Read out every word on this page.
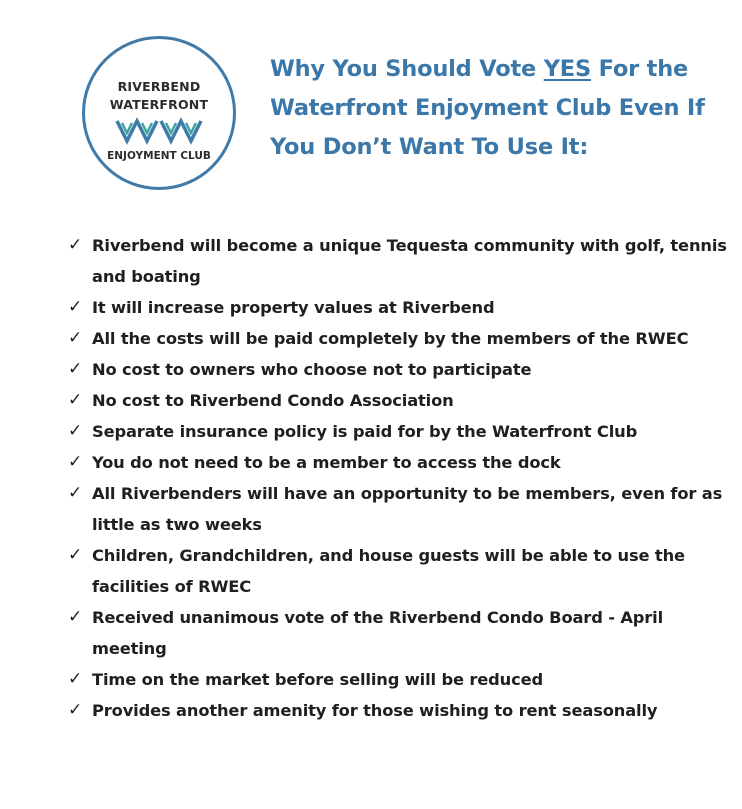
RIVERBEND
WATERFRONT
ENJOYMENT CLUB
Why You Should Vote YES For the Waterfront Enjoyment Club Even If You Don’t Want To Use It:
✓ Riverbend will become a unique Tequesta community with golf, tennis and boating
✓ It will increase property values at Riverbend
✓ All the costs will be paid completely by the members of the RWEC
✓ No cost to owners who choose not to participate
✓ No cost to Riverbend Condo Association
✓ Separate insurance policy is paid for by the Waterfront Club
✓ You do not need to be a member to access the dock
✓ All Riverbenders will have an opportunity to be members, even for as little as two weeks
✓ Children, Grandchildren, and house guests will be able to use the facilities of RWEC
✓ Received unanimous vote of the Riverbend Condo Board - April meeting
✓ Time on the market before selling will be reduced
✓ Provides another amenity for those wishing to rent seasonally
